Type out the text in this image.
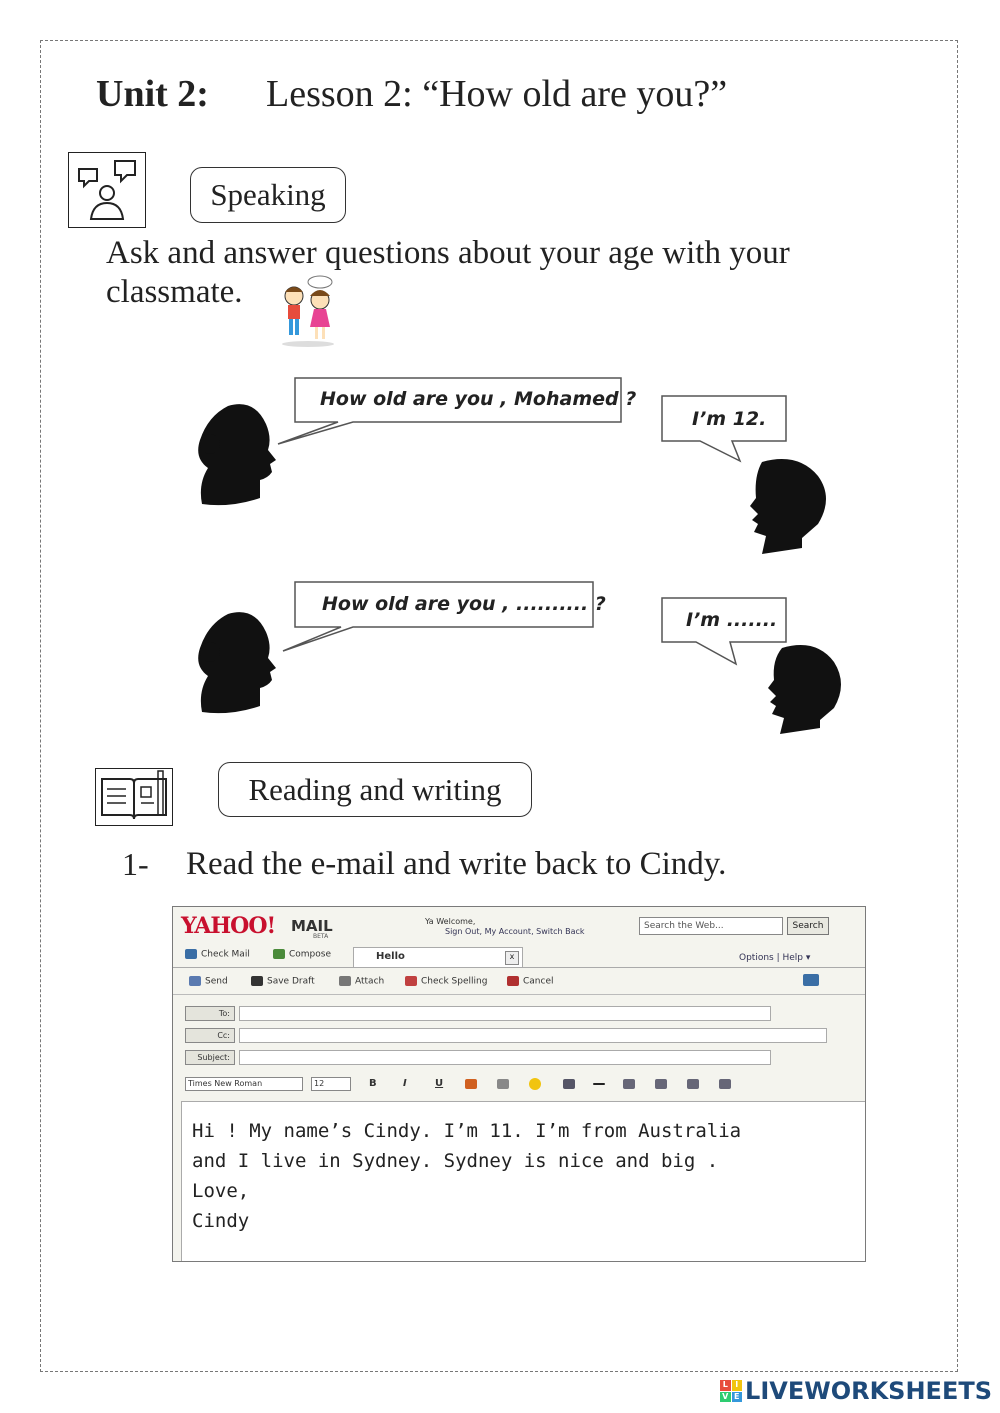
Unit 2: Lesson 2: “How old are you?”
Speaking
Ask and answer questions about your age with your classmate.
How old are you , Mohamed ?
I’m 12.
How old are you , .......... ?
I’m .......
Reading and writing
1- Read the e-mail and write back to Cindy.
YAHOO! MAIL
BETA
Ya Welcome,
Sign Out, My Account, Switch Back
Search the Web...	Search
Check Mail	Compose	Hello	x	Options | Help ▾
Send	Save Draft	Attach	Check Spelling	Cancel
To:
Cc:
Subject:
Times New Roman	12	B	I	U
Hi ! My name’s Cindy. I’m 11. I’m from Australia
and I live in Sydney. Sydney is nice and big .
Love,
Cindy
L I
V E LIVEWORKSHEETS
